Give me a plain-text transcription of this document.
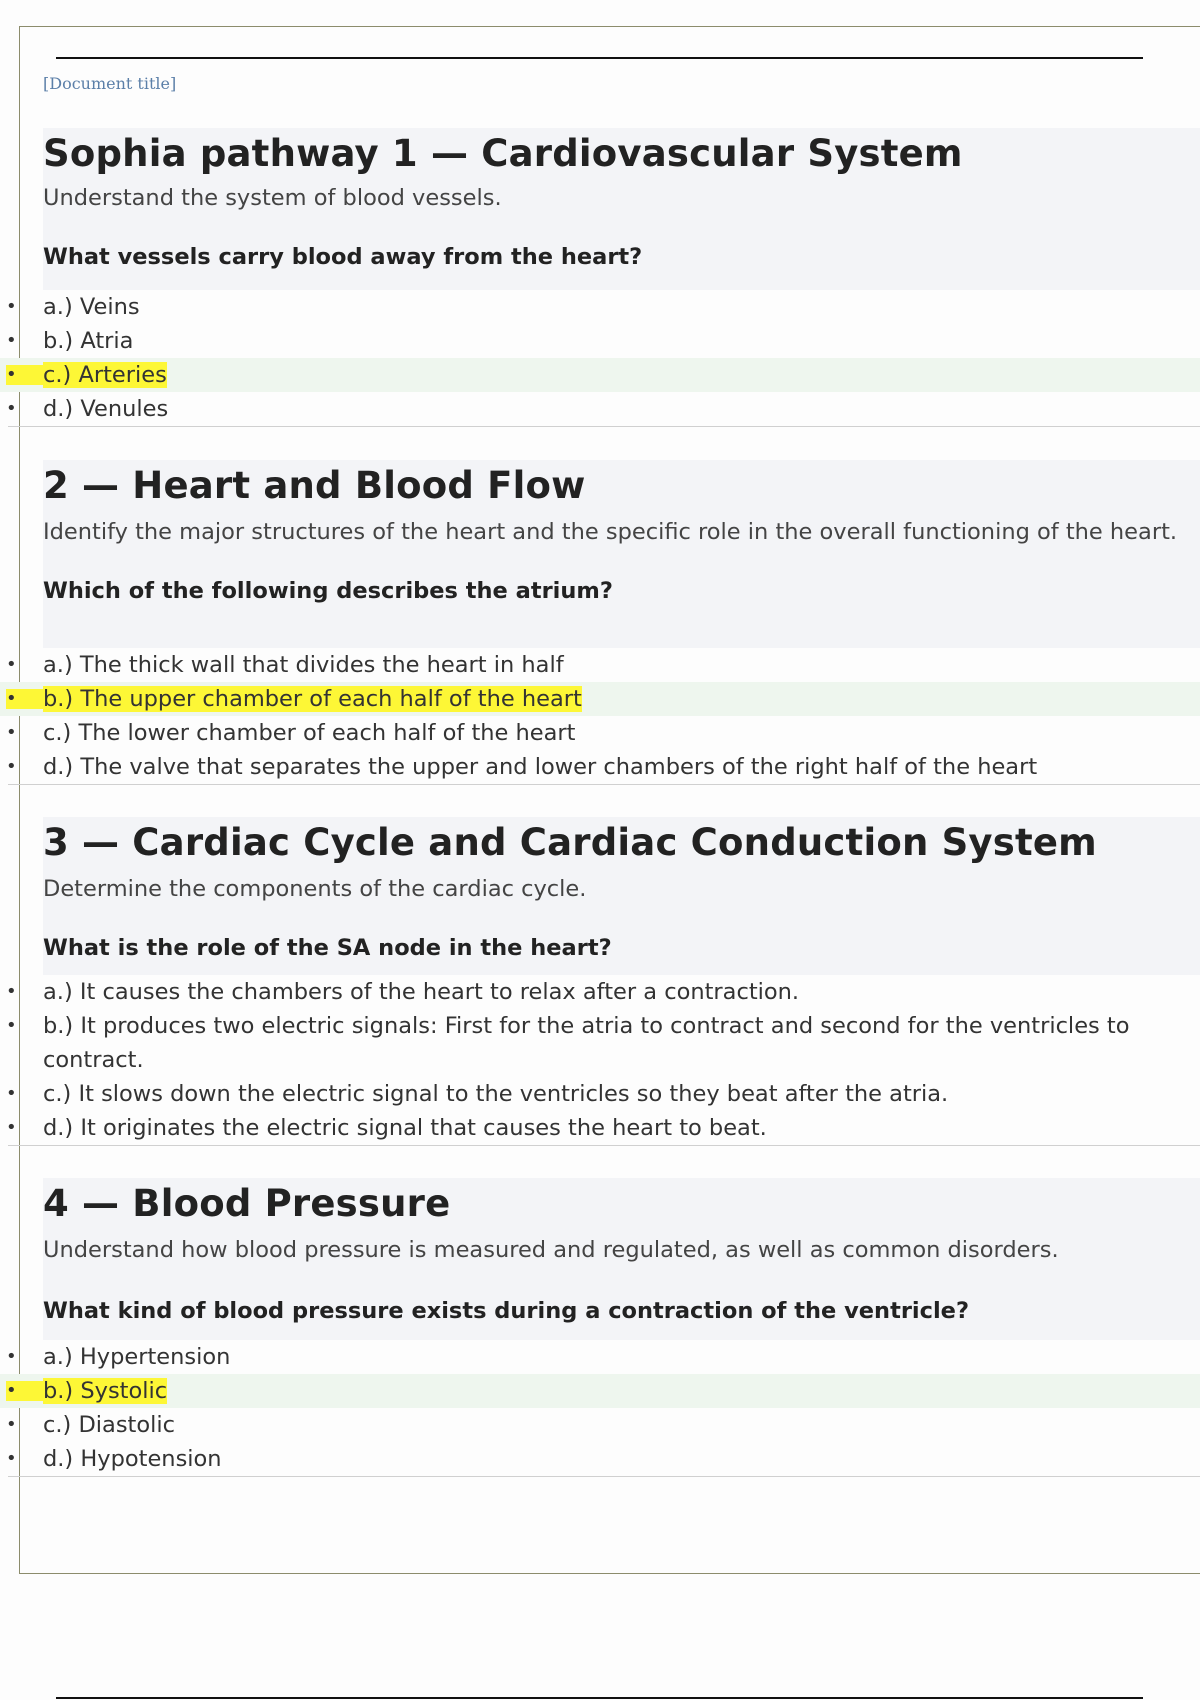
[Document title]
Sophia pathway 1 — Cardiovascular System
Understand the system of blood vessels.
What vessels carry blood away from the heart?
• a.) Veins
• b.) Atria
• c.) Arteries
• d.) Venules
2 — Heart and Blood Flow
Identify the major structures of the heart and the specific role in the overall functioning of the heart.
Which of the following describes the atrium?
• a.) The thick wall that divides the heart in half
• b.) The upper chamber of each half of the heart
• c.) The lower chamber of each half of the heart
• d.) The valve that separates the upper and lower chambers of the right half of the heart
3 — Cardiac Cycle and Cardiac Conduction System
Determine the components of the cardiac cycle.
What is the role of the SA node in the heart?
• a.) It causes the chambers of the heart to relax after a contraction.
• b.) It produces two electric signals: First for the atria to contract and second for the ventricles to contract.
• c.) It slows down the electric signal to the ventricles so they beat after the atria.
• d.) It originates the electric signal that causes the heart to beat.
4 — Blood Pressure
Understand how blood pressure is measured and regulated, as well as common disorders.
What kind of blood pressure exists during a contraction of the ventricle?
• a.) Hypertension
• b.) Systolic
• c.) Diastolic
• d.) Hypotension
